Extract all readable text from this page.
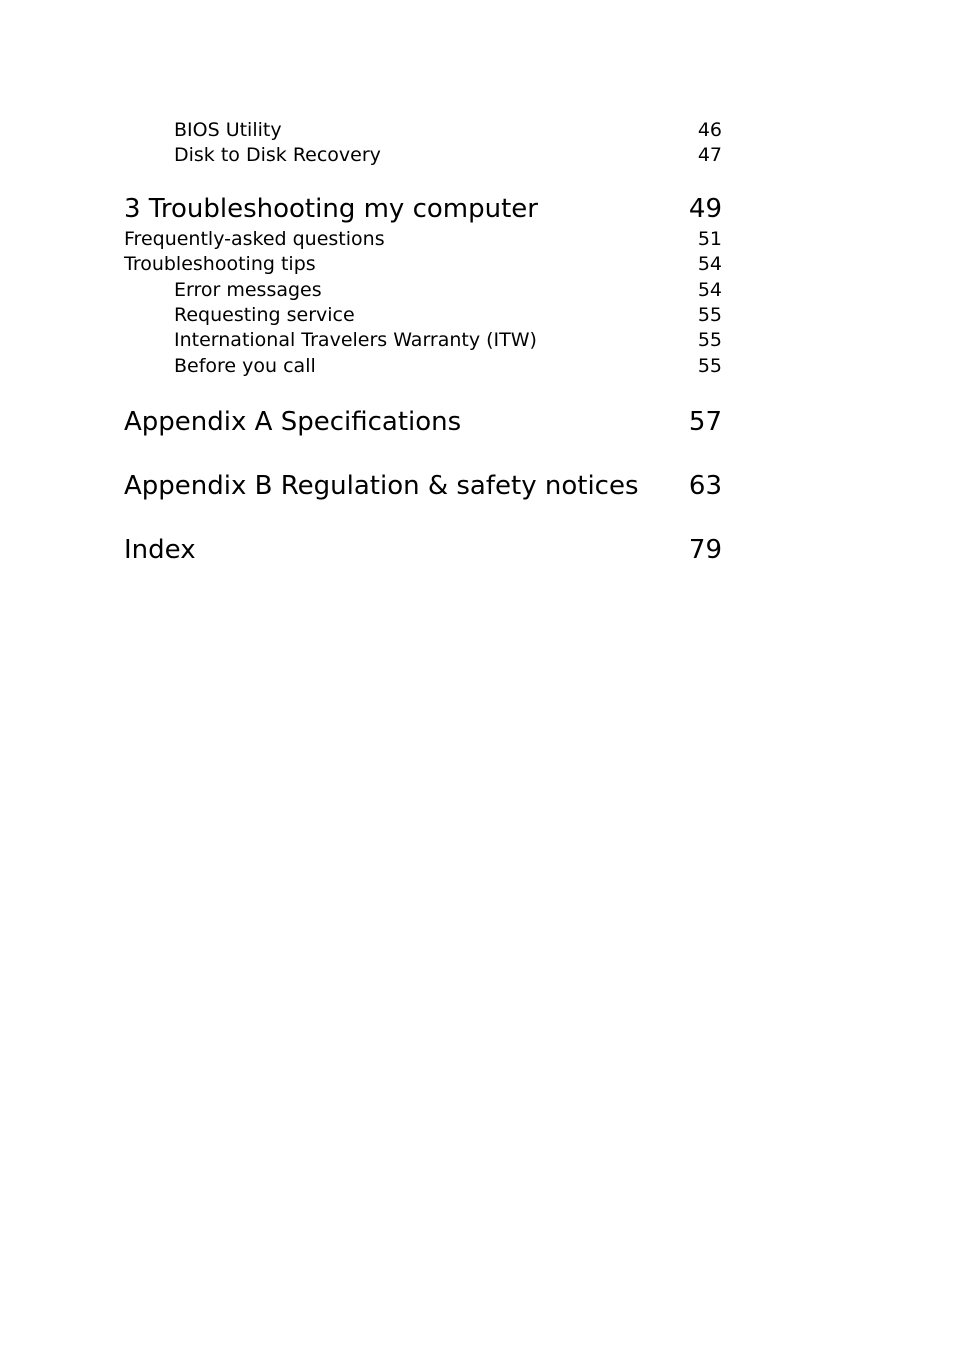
BIOS Utility	46
Disk to Disk Recovery	47
3 Troubleshooting my computer	49
Frequently-asked questions	51
Troubleshooting tips	54
Error messages	54
Requesting service	55
International Travelers Warranty (ITW)	55
Before you call	55
Appendix A Specifications	57
Appendix B Regulation & safety notices 63
Index	79
